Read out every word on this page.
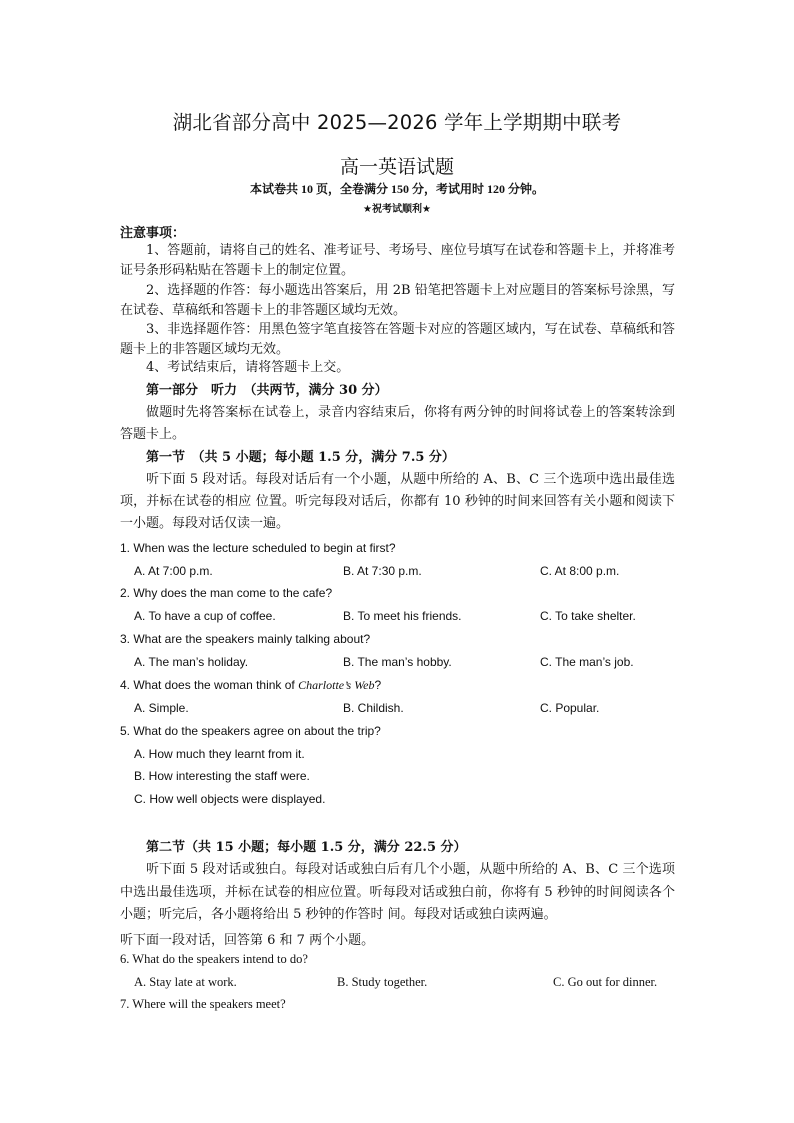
湖北省部分高中 2025—2026 学年上学期期中联考
高一英语试题
本试卷共 10 页，全卷满分 150 分，考试用时 120 分钟。
★祝考试顺利★
注意事项：
1、答题前，请将自己的姓名、准考证号、考场号、座位号填写在试卷和答题卡上，并将准考证号条形码粘贴在答题卡上的制定位置。
2、选择题的作答：每小题选出答案后，用 2B 铅笔把答题卡上对应题目的答案标号涂黑，写在试卷、草稿纸和答题卡上的非答题区域均无效。
3、非选择题作答：用黑色签字笔直接答在答题卡对应的答题区域内，写在试卷、草稿纸和答题卡上的非答题区域均无效。
4、考试结束后，请将答题卡上交。
第一部分　听力　（共两节，满分 30 分）
做题时先将答案标在试卷上，录音内容结束后，你将有两分钟的时间将试卷上的答案转涂到答题卡上。
第一节　（共 5 小题；每小题 1.5 分，满分 7.5 分）
听下面 5 段对话。每段对话后有一个小题，从题中所给的 A、B、C 三个选项中选出最佳选项，并标在试卷的相应 位置。听完每段对话后，你都有 10 秒钟的时间来回答有关小题和阅读下一小题。每段对话仅读一遍。
1. When was the lecture scheduled to begin at first?
A. At 7:00 p.m.	B. At 7:30 p.m.	C. At 8:00 p.m.
2. Why does the man come to the cafe?
A. To have a cup of coffee.	B. To meet his friends.	C. To take shelter.
3. What are the speakers mainly talking about?
A. The man’s holiday.	B. The man’s hobby.	C. The man’s job.
4. What does the woman think of Charlotte’s Web?
A. Simple.	B. Childish.	C. Popular.
5. What do the speakers agree on about the trip?
A. How much they learnt from it.
B. How interesting the staff were.
C. How well objects were displayed.
第二节（共 15 小题；每小题 1.5 分，满分 22.5 分）
听下面 5 段对话或独白。每段对话或独白后有几个小题，从题中所给的 A、B、C 三个选项中选出最佳选项，并标在试卷的相应位置。听每段对话或独白前，你将有 5 秒钟的时间阅读各个小题；听完后，各小题将给出 5 秒钟的作答时 间。每段对话或独白读两遍。
听下面一段对话，回答第 6 和 7 两个小题。
6. What do the speakers intend to do?
A. Stay late at work.	B. Study together.	C. Go out for dinner.
7. Where will the speakers meet?
